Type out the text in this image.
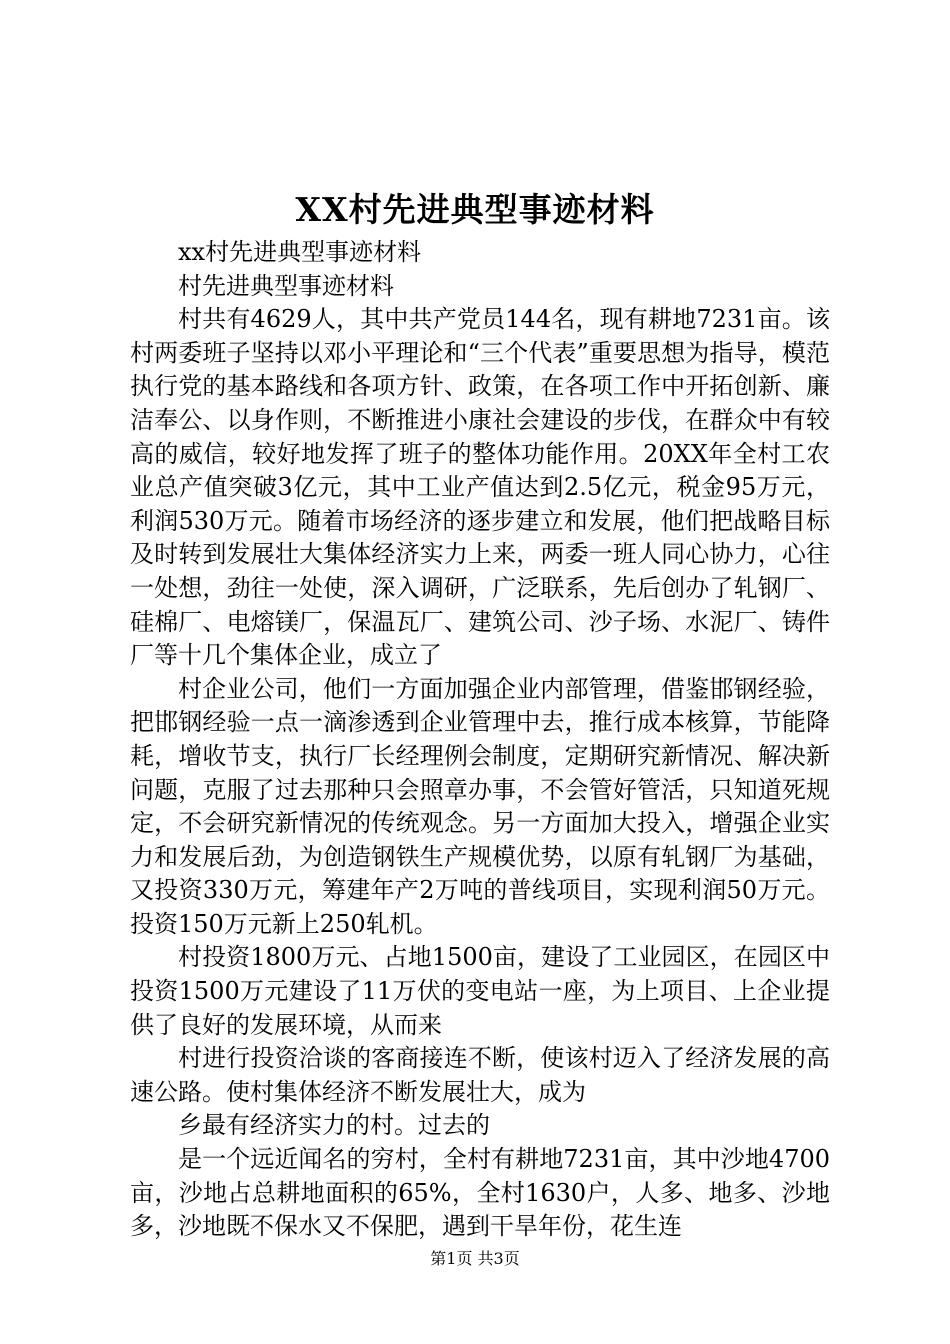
XX村先进典型事迹材料

xx村先进典型事迹材料

村先进典型事迹材料

村共有4629人，其中共产党员144名，现有耕地7231亩。该村两委班子坚持以邓小平理论和“三个代表”重要思想为指导，模范执行党的基本路线和各项方针、政策，在各项工作中开拓创新、廉洁奉公、以身作则，不断推进小康社会建设的步伐，在群众中有较高的威信，较好地发挥了班子的整体功能作用。20XX年全村工农业总产值突破3亿元，其中工业产值达到2.5亿元，税金95万元，利润530万元。随着市场经济的逐步建立和发展，他们把战略目标及时转到发展壮大集体经济实力上来，两委一班人同心协力，心往一处想，劲往一处使，深入调研，广泛联系，先后创办了轧钢厂、硅棉厂、电熔镁厂，保温瓦厂、建筑公司、沙子场、水泥厂、铸件厂等十几个集体企业，成立了

村企业公司，他们一方面加强企业内部管理，借鉴邯钢经验，把邯钢经验一点一滴渗透到企业管理中去，推行成本核算，节能降耗，增收节支，执行厂长经理例会制度，定期研究新情况、解决新问题，克服了过去那种只会照章办事，不会管好管活，只知道死规定，不会研究新情况的传统观念。另一方面加大投入，增强企业实力和发展后劲，为创造钢铁生产规模优势，以原有轧钢厂为基础，又投资330万元，筹建年产2万吨的普线项目，实现利润50万元。投资150万元新上250轧机。

村投资1800万元、占地1500亩，建设了工业园区，在园区中投资1500万元建设了11万伏的变电站一座，为上项目、上企业提供了良好的发展环境，从而来

村进行投资洽谈的客商接连不断，使该村迈入了经济发展的高速公路。使村集体经济不断发展壮大，成为

乡最有经济实力的村。过去的

是一个远近闻名的穷村，全村有耕地7231亩，其中沙地4700亩，沙地占总耕地面积的65%，全村1630户，人多、地多、沙地多，沙地既不保水又不保肥，遇到干旱年份，花生连

第1页 共3页
